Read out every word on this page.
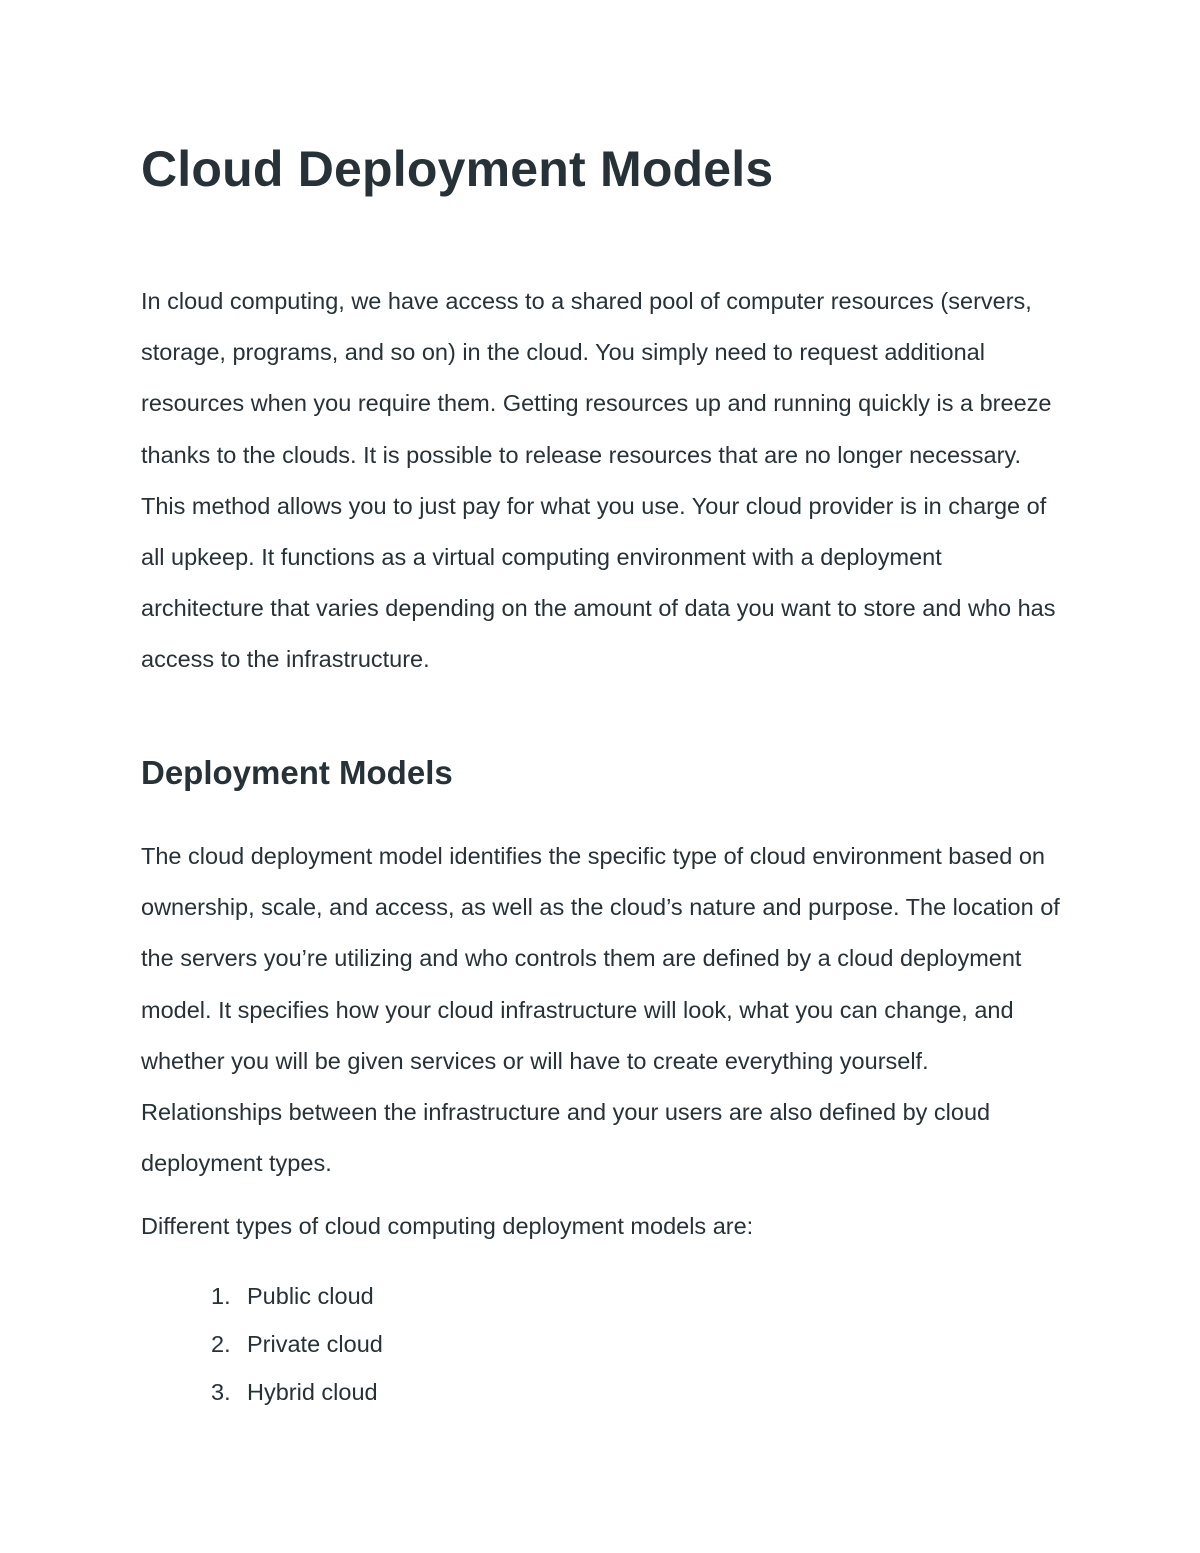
Cloud Deployment Models

In cloud computing, we have access to a shared pool of computer resources (servers, storage, programs, and so on) in the cloud. You simply need to request additional resources when you require them. Getting resources up and running quickly is a breeze thanks to the clouds. It is possible to release resources that are no longer necessary. This method allows you to just pay for what you use. Your cloud provider is in charge of all upkeep. It functions as a virtual computing environment with a deployment architecture that varies depending on the amount of data you want to store and who has access to the infrastructure.

Deployment Models

The cloud deployment model identifies the specific type of cloud environment based on ownership, scale, and access, as well as the cloud’s nature and purpose. The location of the servers you’re utilizing and who controls them are defined by a cloud deployment model. It specifies how your cloud infrastructure will look, what you can change, and whether you will be given services or will have to create everything yourself. Relationships between the infrastructure and your users are also defined by cloud deployment types.

Different types of cloud computing deployment models are:

1. Public cloud
2. Private cloud
3. Hybrid cloud
